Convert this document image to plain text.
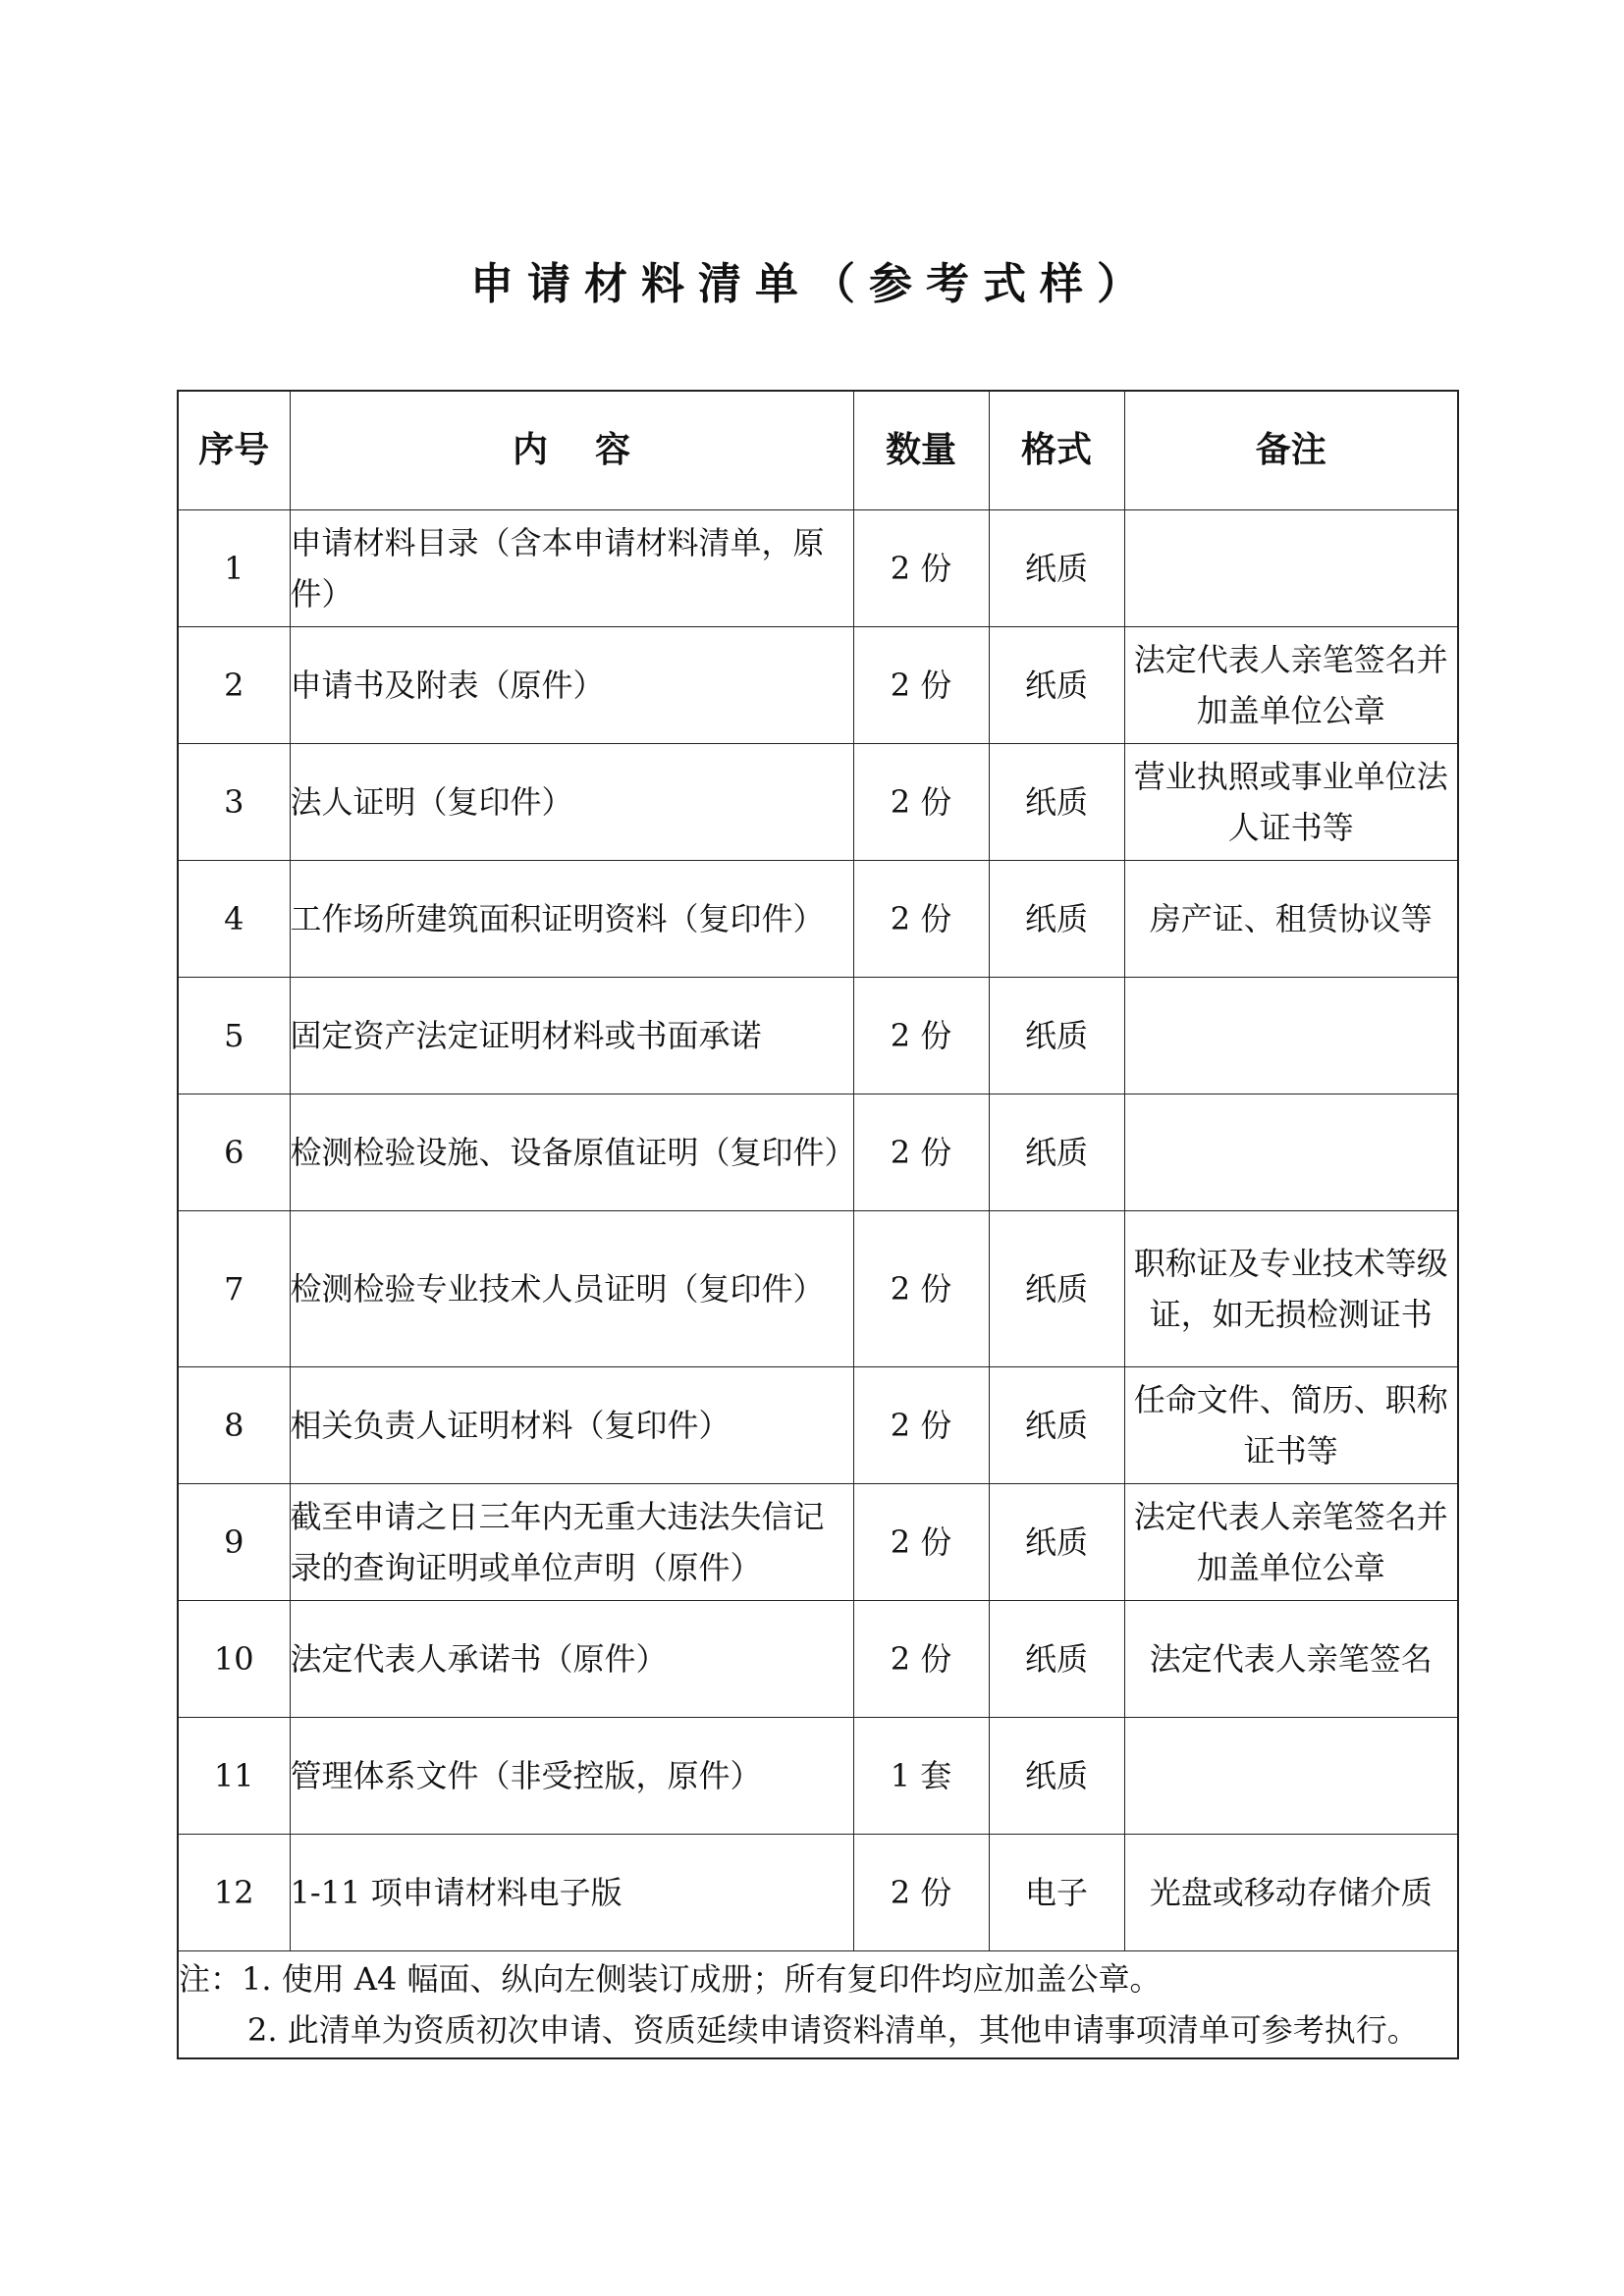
申请材料清单（参考式样）
序号	内容	数量	格式	备注
1	申请材料目录（含本申请材料清单，原件）	2 份	纸质	
2	申请书及附表（原件）	2 份	纸质	法定代表人亲笔签名并加盖单位公章
3	法人证明（复印件）	2 份	纸质	营业执照或事业单位法人证书等
4	工作场所建筑面积证明资料（复印件）	2 份	纸质	房产证、租赁协议等
5	固定资产法定证明材料或书面承诺	2 份	纸质	
6	检测检验设施、设备原值证明（复印件）	2 份	纸质	
7	检测检验专业技术人员证明（复印件）	2 份	纸质	职称证及专业技术等级证，如无损检测证书
8	相关负责人证明材料（复印件）	2 份	纸质	任命文件、简历、职称证书等
9	截至申请之日三年内无重大违法失信记录的查询证明或单位声明（原件）	2 份	纸质	法定代表人亲笔签名并加盖单位公章
10	法定代表人承诺书（原件）	2 份	纸质	法定代表人亲笔签名
11	管理体系文件（非受控版，原件）	1 套	纸质	
12	1-11 项申请材料电子版	2 份	电子	光盘或移动存储介质

注：1. 使用 A4 幅面、纵向左侧装订成册；所有复印件均应加盖公章。
2. 此清单为资质初次申请、资质延续申请资料清单，其他申请事项清单可参考执行。				
